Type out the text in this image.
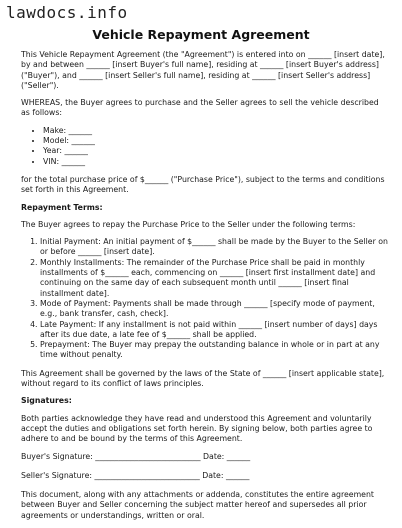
lawdocs.info
Vehicle Repayment Agreement

This Vehicle Repayment Agreement (the "Agreement") is entered into on ______ [insert date], by and between ______ [insert Buyer's full name], residing at ______ [insert Buyer's address] ("Buyer"), and ______ [insert Seller's full name], residing at ______ [insert Seller's address] ("Seller").

WHEREAS, the Buyer agrees to purchase and the Seller agrees to sell the vehicle described as follows:

• Make: ______
• Model: ______
• Year: ______
• VIN: ______

for the total purchase price of $______ ("Purchase Price"), subject to the terms and conditions set forth in this Agreement.

Repayment Terms:

The Buyer agrees to repay the Purchase Price to the Seller under the following terms:

1. Initial Payment: An initial payment of $______ shall be made by the Buyer to the Seller on or before ______ [insert date].
2. Monthly Installments: The remainder of the Purchase Price shall be paid in monthly installments of $______ each, commencing on ______ [insert first installment date] and continuing on the same day of each subsequent month until ______ [insert final installment date].
3. Mode of Payment: Payments shall be made through ______ [specify mode of payment, e.g., bank transfer, cash, check].
4. Late Payment: If any installment is not paid within ______ [insert number of days] days after its due date, a late fee of $______ shall be applied.
5. Prepayment: The Buyer may prepay the outstanding balance in whole or in part at any time without penalty.

This Agreement shall be governed by the laws of the State of ______ [insert applicable state], without regard to its conflict of laws principles.

Signatures:

Both parties acknowledge they have read and understood this Agreement and voluntarily accept the duties and obligations set forth herein. By signing below, both parties agree to adhere to and be bound by the terms of this Agreement.

Buyer's Signature: ___________________________ Date: ______
Seller's Signature: ___________________________ Date: ______

This document, along with any attachments or addenda, constitutes the entire agreement between Buyer and Seller concerning the subject matter hereof and supersedes all prior agreements or understandings, written or oral.
